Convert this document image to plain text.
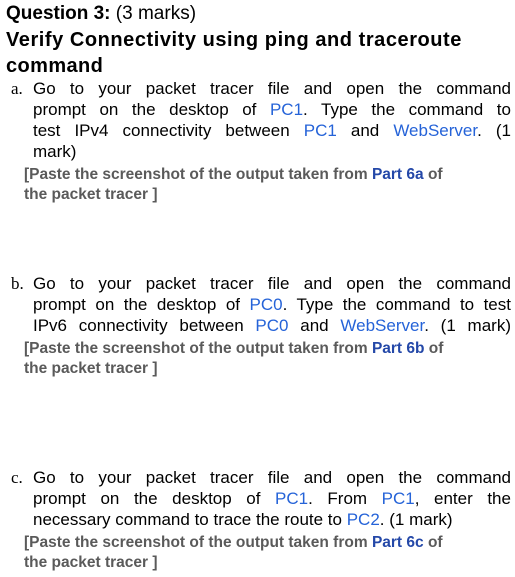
Question 3: (3 marks)
Verify Connectivity using ping and traceroute
command
a. Go to your packet tracer file and open the command
prompt on the desktop of PC1. Type the command to
test IPv4 connectivity between PC1 and WebServer. (1
mark)
[Paste the screenshot of the output taken from Part 6a of
the packet tracer ]
b. Go to your packet tracer file and open the command
prompt on the desktop of PC0. Type the command to test
IPv6 connectivity between PC0 and WebServer. (1 mark)
[Paste the screenshot of the output taken from Part 6b of
the packet tracer ]
c. Go to your packet tracer file and open the command
prompt on the desktop of PC1. From PC1, enter the
necessary command to trace the route to PC2. (1 mark)
[Paste the screenshot of the output taken from Part 6c of
the packet tracer ]
